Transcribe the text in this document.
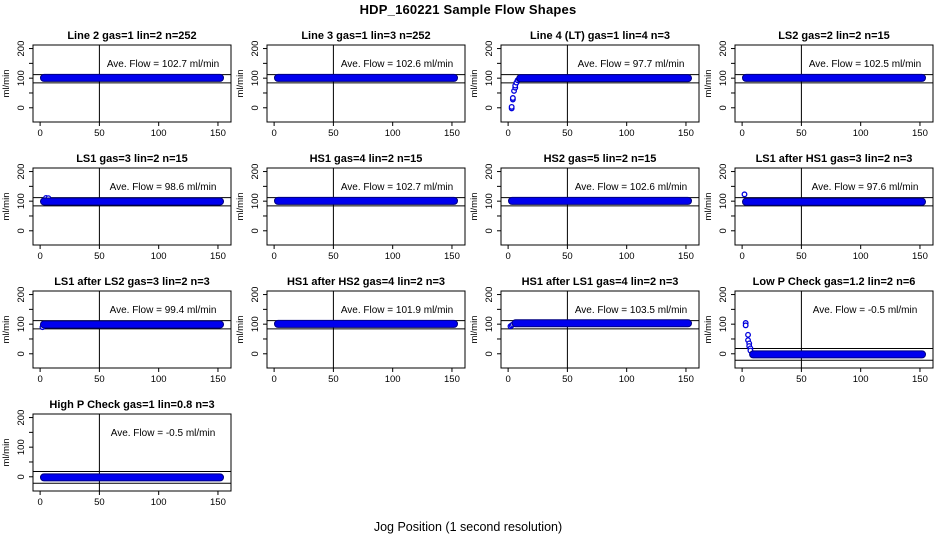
HDP_160221 Sample Flow Shapes
Line 2 gas=1 lin=2 n=252
0	50	100	150
0
100
200
ml/min
Ave. Flow = 102.7 ml/min
Line 3 gas=1 lin=3 n=252
0	50	100	150
0
100
200
ml/min
Ave. Flow = 102.6 ml/min
Line 4 (LT) gas=1 lin=4 n=3
0	50	100	150
0
100
200
ml/min
Ave. Flow = 97.7 ml/min
LS2 gas=2 lin=2 n=15
0	50	100	150
0
100
200
ml/min
Ave. Flow = 102.5 ml/min
LS1 gas=3 lin=2 n=15
0	50	100	150
0
100
200
ml/min
Ave. Flow = 98.6 ml/min
HS1 gas=4 lin=2 n=15
0	50	100	150
0
100
200
ml/min
Ave. Flow = 102.7 ml/min
HS2 gas=5 lin=2 n=15
0	50	100	150
0
100
200
ml/min
Ave. Flow = 102.6 ml/min
LS1 after HS1 gas=3 lin=2 n=3
0	50	100	150
0
100
200
ml/min
Ave. Flow = 97.6 ml/min
LS1 after LS2 gas=3 lin=2 n=3
0	50	100	150
0
100
200
ml/min
Ave. Flow = 99.4 ml/min
HS1 after HS2 gas=4 lin=2 n=3
0	50	100	150
0
100
200
ml/min
Ave. Flow = 101.9 ml/min
HS1 after LS1 gas=4 lin=2 n=3
0	50	100	150
0
100
200
ml/min
Ave. Flow = 103.5 ml/min
Low P Check gas=1.2 lin=2 n=6
0	50	100	150
0
100
200
ml/min
Ave. Flow = -0.5 ml/min
High P Check gas=1 lin=0.8 n=3
0	50	100	150
0
100
200
ml/min
Ave. Flow = -0.5 ml/min
Jog Position (1 second resolution)
